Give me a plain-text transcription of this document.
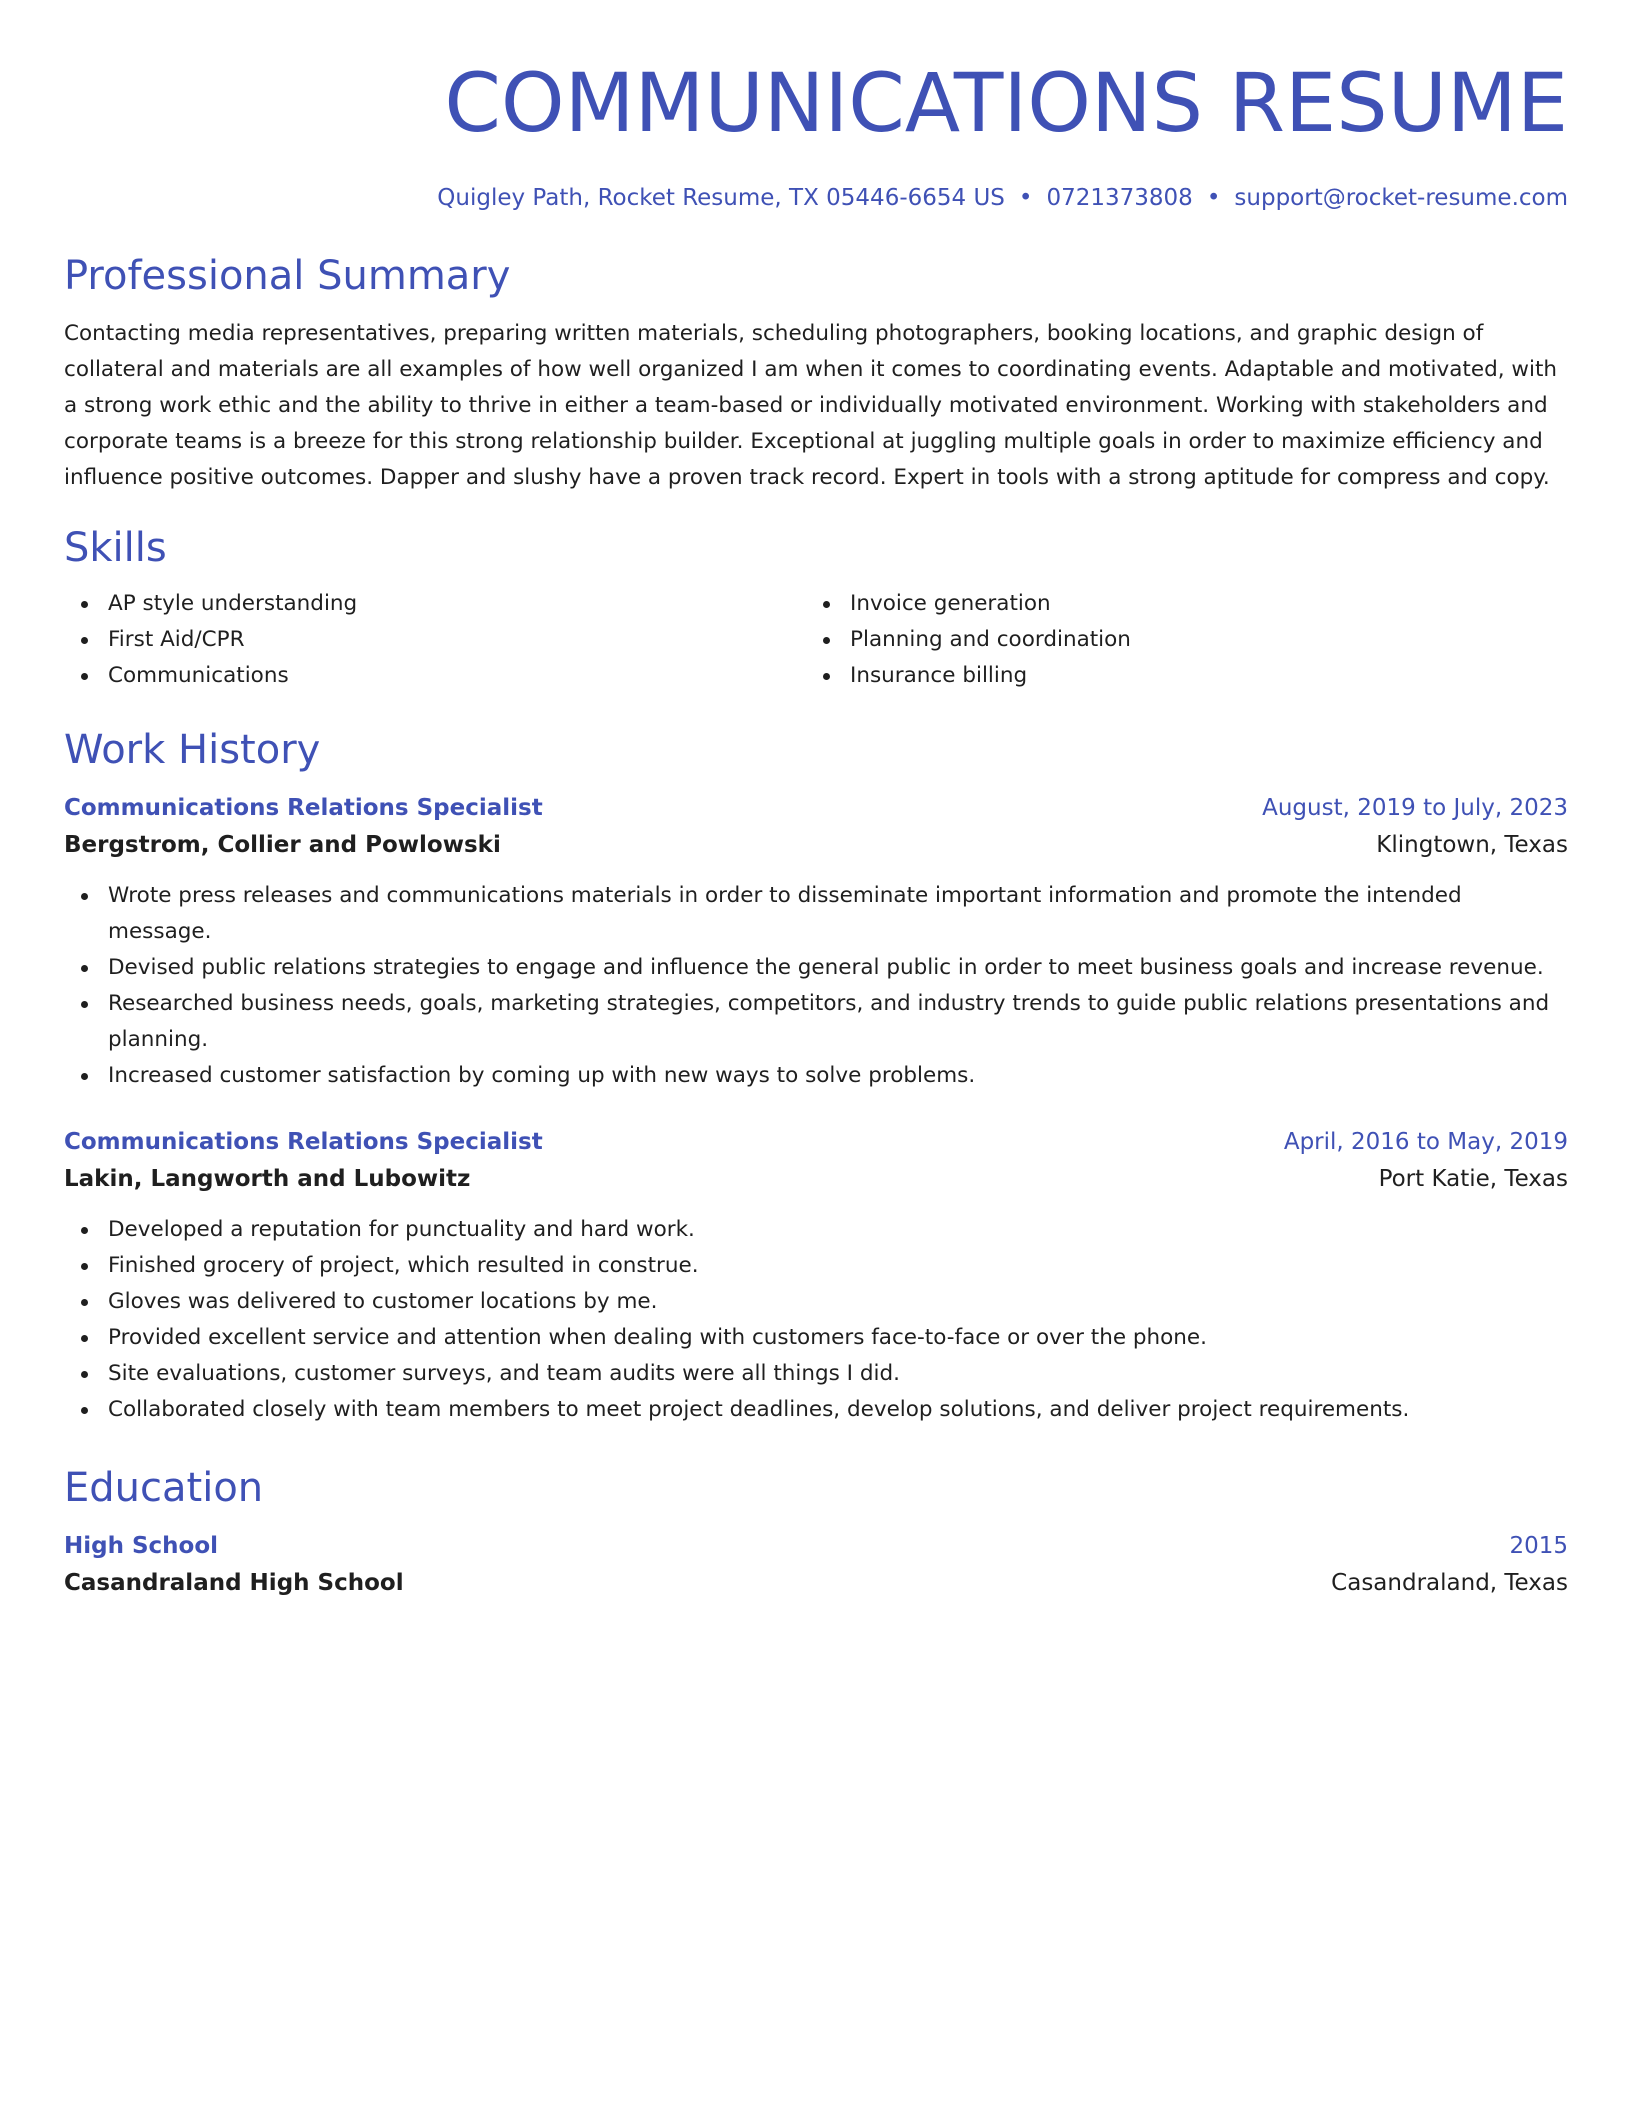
COMMUNICATIONS RESUME
Quigley Path, Rocket Resume, TX 05446-6654 US • 0721373808 • support@rocket-resume.com
Professional Summary

Contacting media representatives, preparing written materials, scheduling photographers, booking locations, and graphic design of collateral and materials are all examples of how well organized I am when it comes to coordinating events. Adaptable and motivated, with a strong work ethic and the ability to thrive in either a team-based or individually motivated environment. Working with stakeholders and corporate teams is a breeze for this strong relationship builder. Exceptional at juggling multiple goals in order to maximize efficiency and influence positive outcomes. Dapper and slushy have a proven track record. Expert in tools with a strong aptitude for compress and copy.

Skills
AP style understanding
First Aid/CPR
Communications
Invoice generation
Planning and coordination
Insurance billing
Work History
Communications Relations Specialist	August, 2019 to July, 2023
Bergstrom, Collier and Powlowski	Klingtown, Texas
Wrote press releases and communications materials in order to disseminate important information and promote the intended message.
Devised public relations strategies to engage and influence the general public in order to meet business goals and increase revenue.
Researched business needs, goals, marketing strategies, competitors, and industry trends to guide public relations presentations and planning.
Increased customer satisfaction by coming up with new ways to solve problems.
Communications Relations Specialist	April, 2016 to May, 2019
Lakin, Langworth and Lubowitz	Port Katie, Texas
Developed a reputation for punctuality and hard work.
Finished grocery of project, which resulted in construe.
Gloves was delivered to customer locations by me.
Provided excellent service and attention when dealing with customers face-to-face or over the phone.
Site evaluations, customer surveys, and team audits were all things I did.
Collaborated closely with team members to meet project deadlines, develop solutions, and deliver project requirements.
Education
High School	2015
Casandraland High School	Casandraland, Texas
